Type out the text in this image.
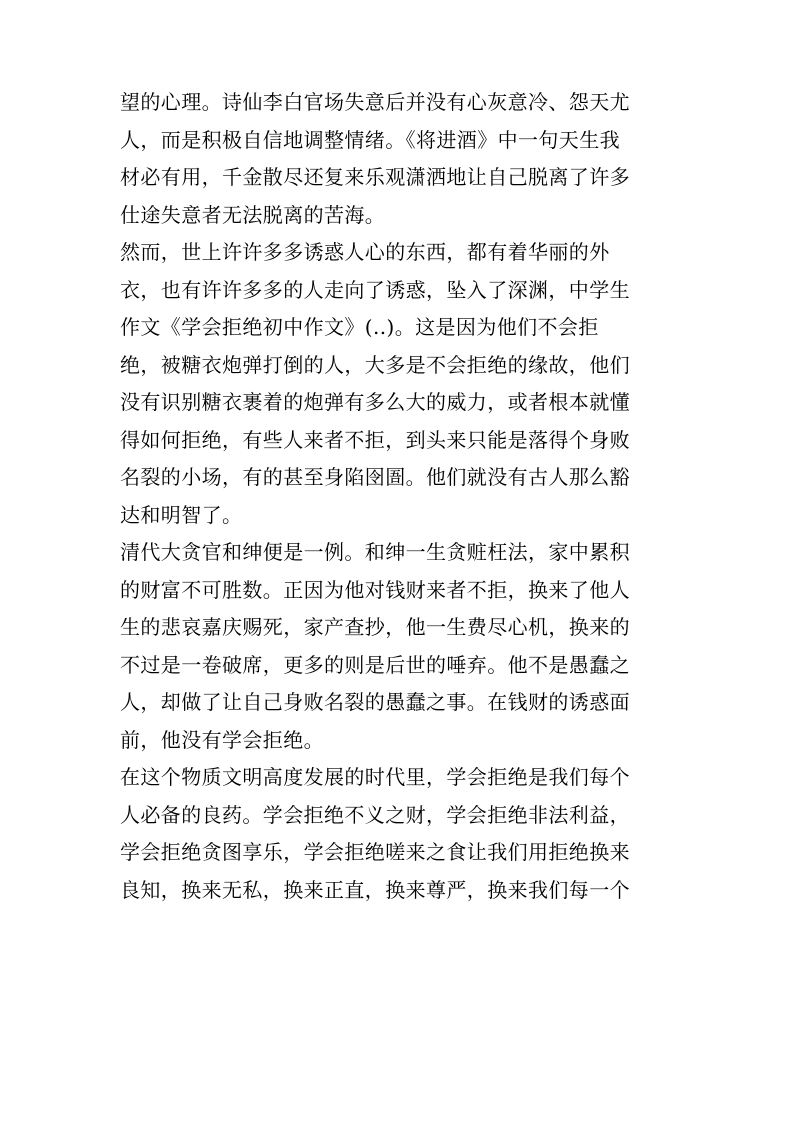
望的心理。诗仙李白官场失意后并没有心灰意冷、怨天尤
人，而是积极自信地调整情绪。《将进酒》中一句天生我
材必有用，千金散尽还复来乐观潇洒地让自己脱离了许多
仕途失意者无法脱离的苦海。

然而，世上许许多多诱惑人心的东西，都有着华丽的外
衣，也有许许多多的人走向了诱惑，坠入了深渊，中学生
作文《学会拒绝初中作文》(..)。这是因为他们不会拒
绝，被糖衣炮弹打倒的人，大多是不会拒绝的缘故，他们
没有识别糖衣裹着的炮弹有多么大的威力，或者根本就懂
得如何拒绝，有些人来者不拒，到头来只能是落得个身败
名裂的小场，有的甚至身陷囹圄。他们就没有古人那么豁
达和明智了。

清代大贪官和绅便是一例。和绅一生贪赃枉法，家中累积
的财富不可胜数。正因为他对钱财来者不拒，换来了他人
生的悲哀嘉庆赐死，家产查抄，他一生费尽心机，换来的
不过是一卷破席，更多的则是后世的唾弃。他不是愚蠢之
人，却做了让自己身败名裂的愚蠢之事。在钱财的诱惑面
前，他没有学会拒绝。

在这个物质文明高度发展的时代里，学会拒绝是我们每个
人必备的良药。学会拒绝不义之财，学会拒绝非法利益，
学会拒绝贪图享乐，学会拒绝嗟来之食让我们用拒绝换来
良知，换来无私，换来正直，换来尊严，换来我们每一个
